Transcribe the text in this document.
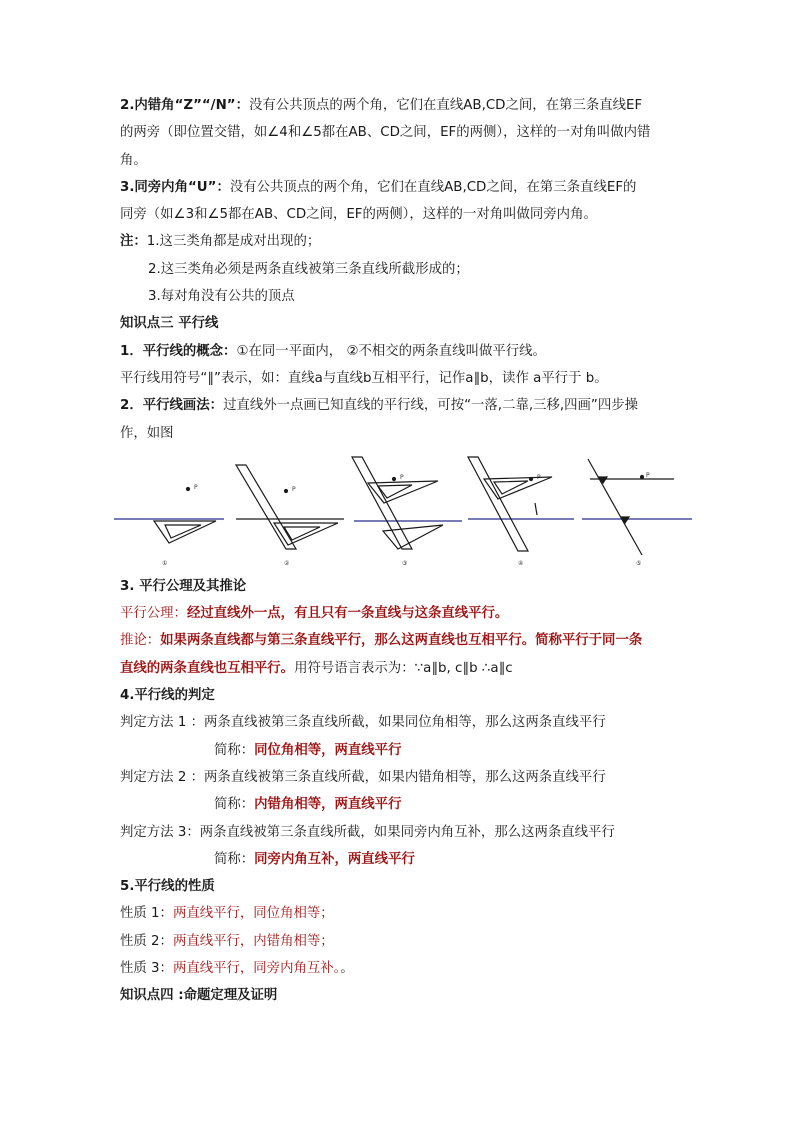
2.内错角“Z”“/N”：没有公共顶点的两个角，它们在直线AB,CD之间，在第三条直线EF
的两旁（即位置交错，如∠4和∠5都在AB、CD之间，EF的两侧），这样的一对角叫做内错
角。
3.同旁内角“U”：没有公共顶点的两个角，它们在直线AB,CD之间，在第三条直线EF的
同旁（如∠3和∠5都在AB、CD之间，EF的两侧），这样的一对角叫做同旁内角。
注：1.这三类角都是成对出现的；
2.这三类角必须是两条直线被第三条直线所截形成的；
3.每对角没有公共的顶点
知识点三 平行线
1．平行线的概念：①在同一平面内， ②不相交的两条直线叫做平行线。
平行线用符号“∥”表示，如：直线a与直线b互相平行，记作a∥b，读作 a平行于 b。
2．平行线画法：过直线外一点画已知直线的平行线，可按“一落,二靠,三移,四画”四步操
作，如图
P	P
P	P	P
①	②	③	④	⑤
3. 平行公理及其推论
平行公理：经过直线外一点，有且只有一条直线与这条直线平行。
推论：如果两条直线都与第三条直线平行，那么这两直线也互相平行。简称平行于同一条
直线的两条直线也互相平行。用符号语言表示为：∵a∥b, c∥b ∴a∥c
4.平行线的判定
判定方法 1 ：两条直线被第三条直线所截，如果同位角相等，那么这两条直线平行
简称：同位角相等，两直线平行
判定方法 2 ：两条直线被第三条直线所截，如果内错角相等，那么这两条直线平行
简称：内错角相等，两直线平行
判定方法 3：两条直线被第三条直线所截，如果同旁内角互补，那么这两条直线平行
简称：同旁内角互补，两直线平行
5.平行线的性质
性质 1：两直线平行，同位角相等；
性质 2：两直线平行，内错角相等；
性质 3：两直线平行，同旁内角互补。。
知识点四 :命题定理及证明
